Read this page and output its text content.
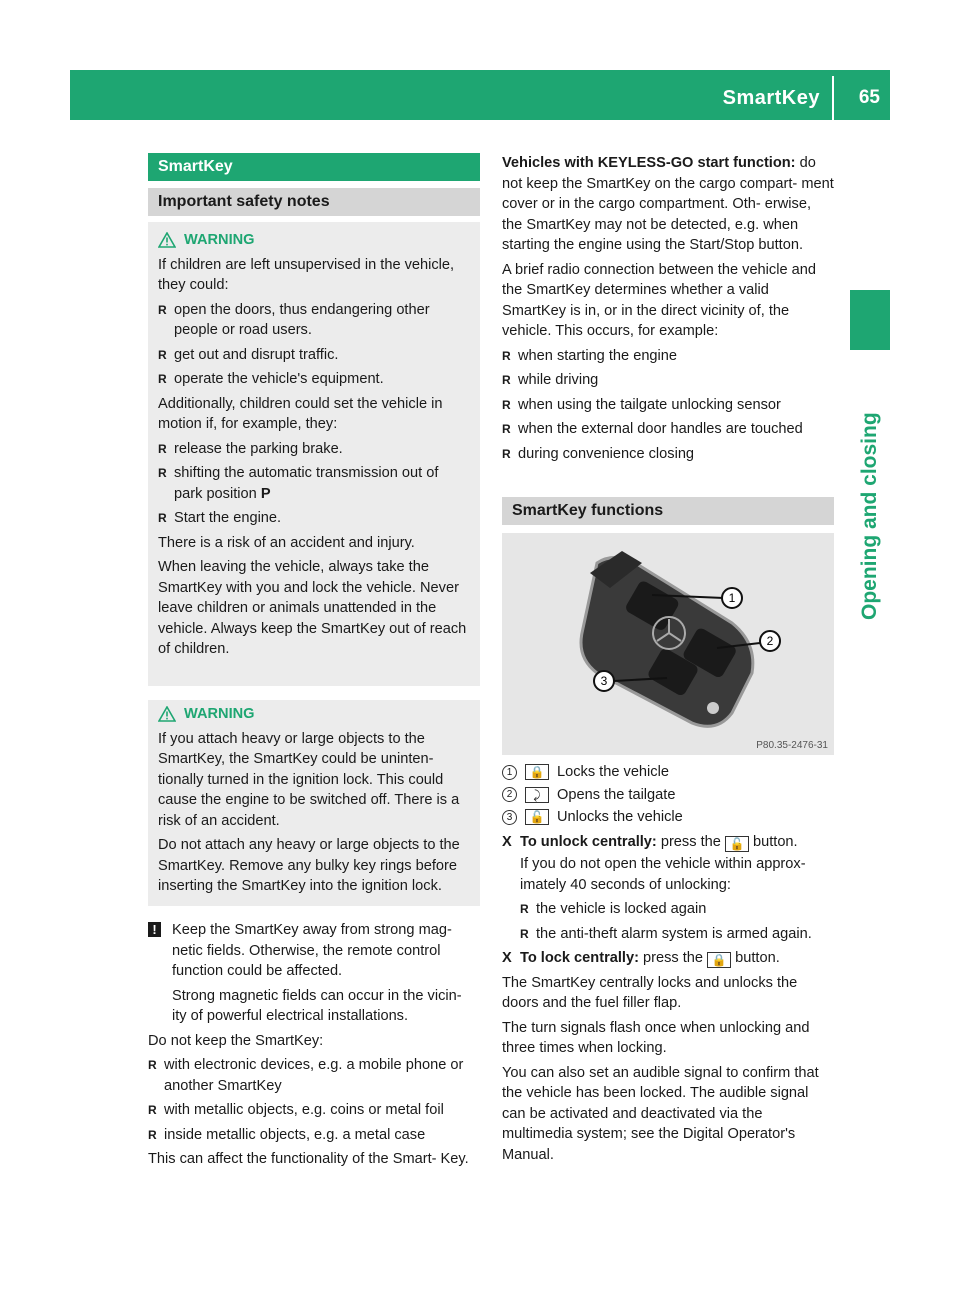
SmartKey 65
Opening and closing
SmartKey
Important safety notes
WARNING

If children are left unsupervised in the vehicle, they could:

R open the doors, thus endangering other people or road users.
R get out and disrupt traffic.
R operate the vehicle's equipment.

Additionally, children could set the vehicle in motion if, for example, they:

R release the parking brake.
R shifting the automatic transmission out of park position P
R Start the engine.

There is a risk of an accident and injury.

When leaving the vehicle, always take the SmartKey with you and lock the vehicle. Never leave children or animals unattended in the vehicle. Always keep the SmartKey out of reach of children.

WARNING

If you attach heavy or large objects to the SmartKey, the SmartKey could be uninten- tionally turned in the ignition lock. This could cause the engine to be switched off. There is a risk of an accident.

Do not attach any heavy or large objects to the SmartKey. Remove any bulky key rings before inserting the SmartKey into the ignition lock.

! Keep the SmartKey away from strong mag- netic fields. Otherwise, the remote control function could be affected.

Strong magnetic fields can occur in the vicin- ity of powerful electrical installations.

Do not keep the SmartKey:

R with electronic devices, e.g. a mobile phone or another SmartKey
R with metallic objects, e.g. coins or metal foil
R inside metallic objects, e.g. a metal case

This can affect the functionality of the Smart- Key.

Vehicles with KEYLESS-GO start function: do not keep the SmartKey on the cargo compart- ment cover or in the cargo compartment. Oth- erwise, the SmartKey may not be detected, e.g. when starting the engine using the Start/Stop button.

A brief radio connection between the vehicle and the SmartKey determines whether a valid SmartKey is in, or in the direct vicinity of, the vehicle. This occurs, for example:

R when starting the engine
R while driving
R when using the tailgate unlocking sensor
R when the external door handles are touched
R during convenience closing
SmartKey functions
1
2
3
P80.35-2476-31
1	🔒 Locks the vehicle
2	⤸	Opens the tailgate
3	🔓 Unlocks the vehicle
X To unlock centrally: press the 🔓 button.

If you do not open the vehicle within approx- imately 40 seconds of unlocking:

R the vehicle is locked again
R the anti-theft alarm system is armed again.
X To lock centrally: press the 🔒 button.

The SmartKey centrally locks and unlocks the doors and the fuel filler flap.

The turn signals flash once when unlocking and three times when locking.

You can also set an audible signal to confirm that the vehicle has been locked. The audible signal can be activated and deactivated via the multimedia system; see the Digital Operator's Manual.
